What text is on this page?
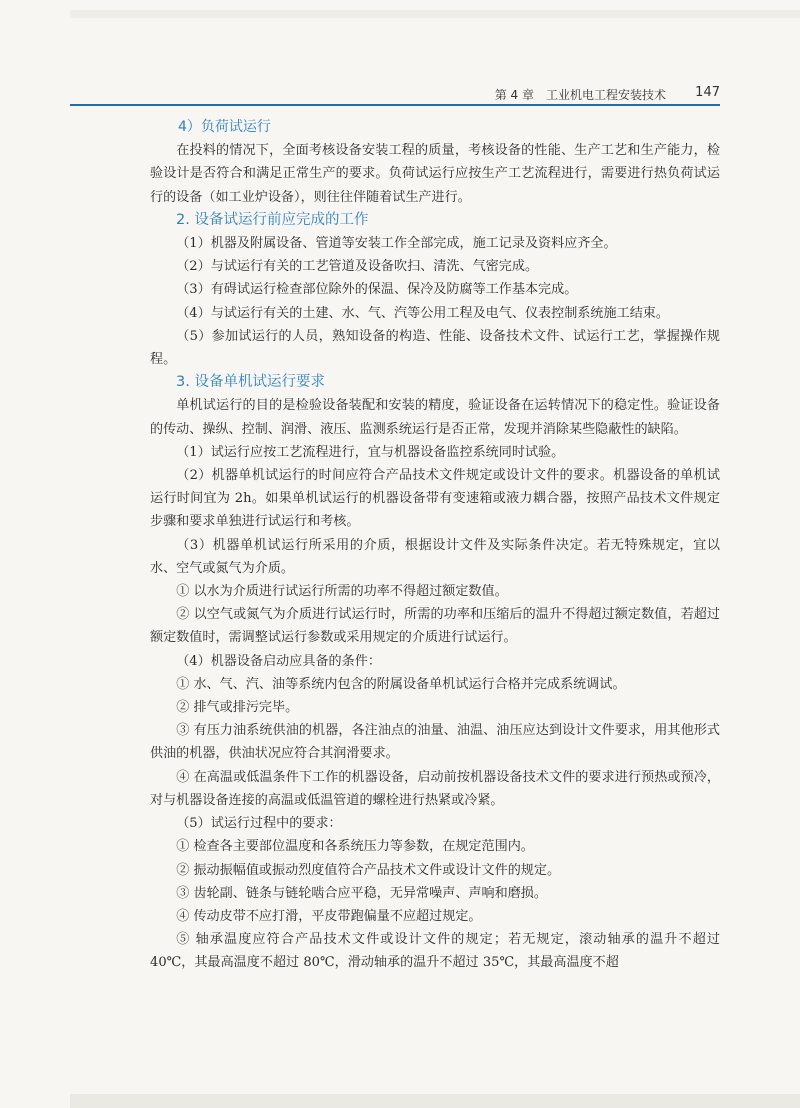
第 4 章　工业机电工程安装技术 147

4）负荷试运行

在投料的情况下，全面考核设备安装工程的质量，考核设备的性能、生产工艺和生产能力，检验设计是否符合和满足正常生产的要求。负荷试运行应按生产工艺流程进行，需要进行热负荷试运行的设备（如工业炉设备），则往往伴随着试生产进行。

2. 设备试运行前应完成的工作

（1）机器及附属设备、管道等安装工作全部完成，施工记录及资料应齐全。

（2）与试运行有关的工艺管道及设备吹扫、清洗、气密完成。

（3）有碍试运行检查部位除外的保温、保冷及防腐等工作基本完成。

（4）与试运行有关的土建、水、气、汽等公用工程及电气、仪表控制系统施工结束。

（5）参加试运行的人员，熟知设备的构造、性能、设备技术文件、试运行工艺，掌握操作规程。

3. 设备单机试运行要求

单机试运行的目的是检验设备装配和安装的精度，验证设备在运转情况下的稳定性。验证设备的传动、操纵、控制、润滑、液压、监测系统运行是否正常，发现并消除某些隐蔽性的缺陷。

（1）试运行应按工艺流程进行，宜与机器设备监控系统同时试验。

（2）机器单机试运行的时间应符合产品技术文件规定或设计文件的要求。机器设备的单机试运行时间宜为 2h。如果单机试运行的机器设备带有变速箱或液力耦合器，按照产品技术文件规定步骤和要求单独进行试运行和考核。

（3）机器单机试运行所采用的介质，根据设计文件及实际条件决定。若无特殊规定，宜以水、空气或氮气为介质。

① 以水为介质进行试运行所需的功率不得超过额定数值。

② 以空气或氮气为介质进行试运行时，所需的功率和压缩后的温升不得超过额定数值，若超过额定数值时，需调整试运行参数或采用规定的介质进行试运行。

（4）机器设备启动应具备的条件：

① 水、气、汽、油等系统内包含的附属设备单机试运行合格并完成系统调试。

② 排气或排污完毕。

③ 有压力油系统供油的机器，各注油点的油量、油温、油压应达到设计文件要求，用其他形式供油的机器，供油状况应符合其润滑要求。

④ 在高温或低温条件下工作的机器设备，启动前按机器设备技术文件的要求进行预热或预冷，对与机器设备连接的高温或低温管道的螺栓进行热紧或冷紧。

（5）试运行过程中的要求：

① 检查各主要部位温度和各系统压力等参数，在规定范围内。

② 振动振幅值或振动烈度值符合产品技术文件或设计文件的规定。

③ 齿轮副、链条与链轮啮合应平稳，无异常噪声、声响和磨损。

④ 传动皮带不应打滑，平皮带跑偏量不应超过规定。

⑤ 轴承温度应符合产品技术文件或设计文件的规定；若无规定，滚动轴承的温升不超过 40℃，其最高温度不超过 80℃，滑动轴承的温升不超过 35℃，其最高温度不超
